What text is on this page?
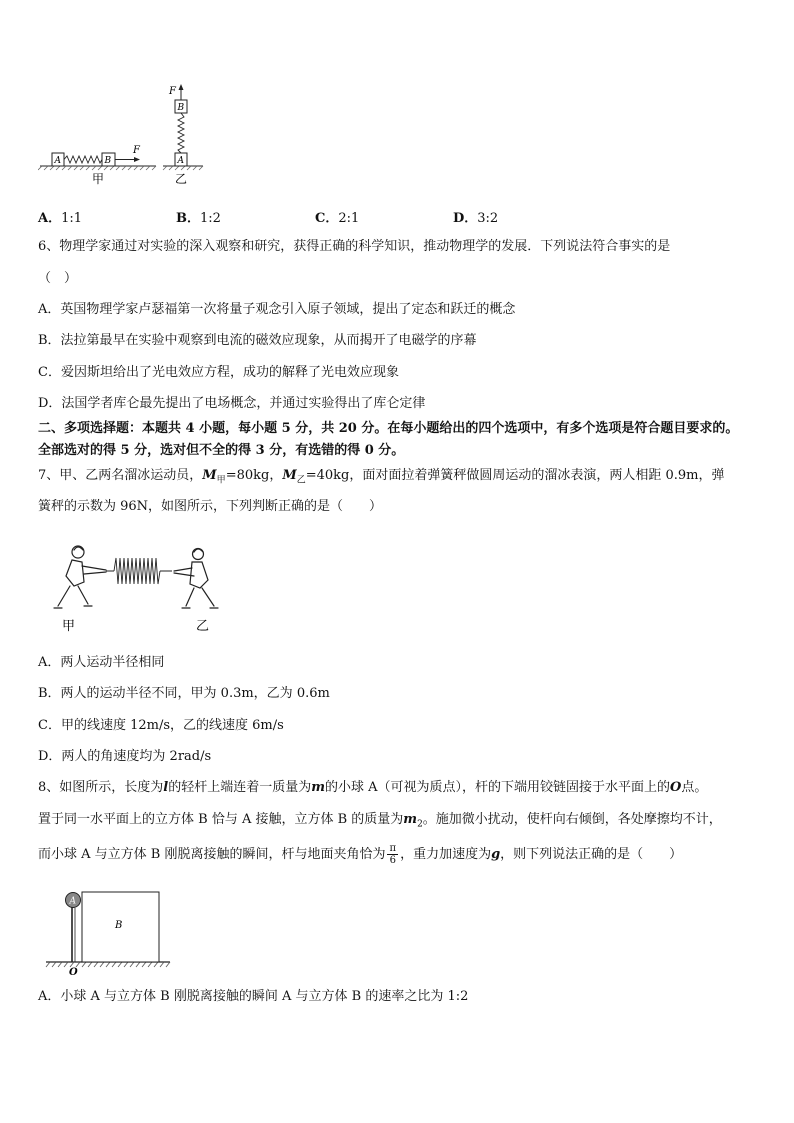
A	B
F
甲
A
B
F
乙
A．1:1	B．1:2	C．2:1	D．3:2
6、物理学家通过对实验的深入观察和研究，获得正确的科学知识，推动物理学的发展．下列说法符合事实的是
（　）
A．英国物理学家卢瑟福第一次将量子观念引入原子领域，提出了定态和跃迁的概念
B．法拉第最早在实验中观察到电流的磁效应现象，从而揭开了电磁学的序幕
C．爱因斯坦给出了光电效应方程，成功的解释了光电效应现象
D．法国学者库仑最先提出了电场概念，并通过实验得出了库仑定律
二、多项选择题：本题共 4 小题，每小题 5 分，共 20 分。在每小题给出的四个选项中，有多个选项是符合题目要求的。
全部选对的得 5 分，选对但不全的得 3 分，有选错的得 0 分。
7、甲、乙两名溜冰运动员，$M_甲=80kg$，$M_乙=40kg$，面对面拉着弹簧秤做圆周运动的溜冰表演，两人相距 0.9m，弹
簧秤的示数为 96N，如图所示，下列判断正确的是（　　）
甲	乙
A．两人运动半径相同
B．两人的运动半径不同，甲为 0.3m，乙为 0.6m
C．甲的线速度 12m/s，乙的线速度 6m/s
D．两人的角速度均为 2rad/s
8、如图所示，长度为l的轻杆上端连着一质量为m的小球 A（可视为质点），杆的下端用铰链固接于水平面上的O点。
置于同一水平面上的立方体 B 恰与 A 接触，立方体 B 的质量为$m_2$。施加微小扰动，使杆向右倾倒，各处摩擦均不计，
而小球 A 与立方体 B 刚脱离接触的瞬间，杆与地面夹角恰为 $\frac{\pi}{6}$ ，重力加速度为g，则下列说法正确的是（　　）
A
B
O
A．小球 A 与立方体 B 刚脱离接触的瞬间 A 与立方体 B 的速率之比为 1:2
